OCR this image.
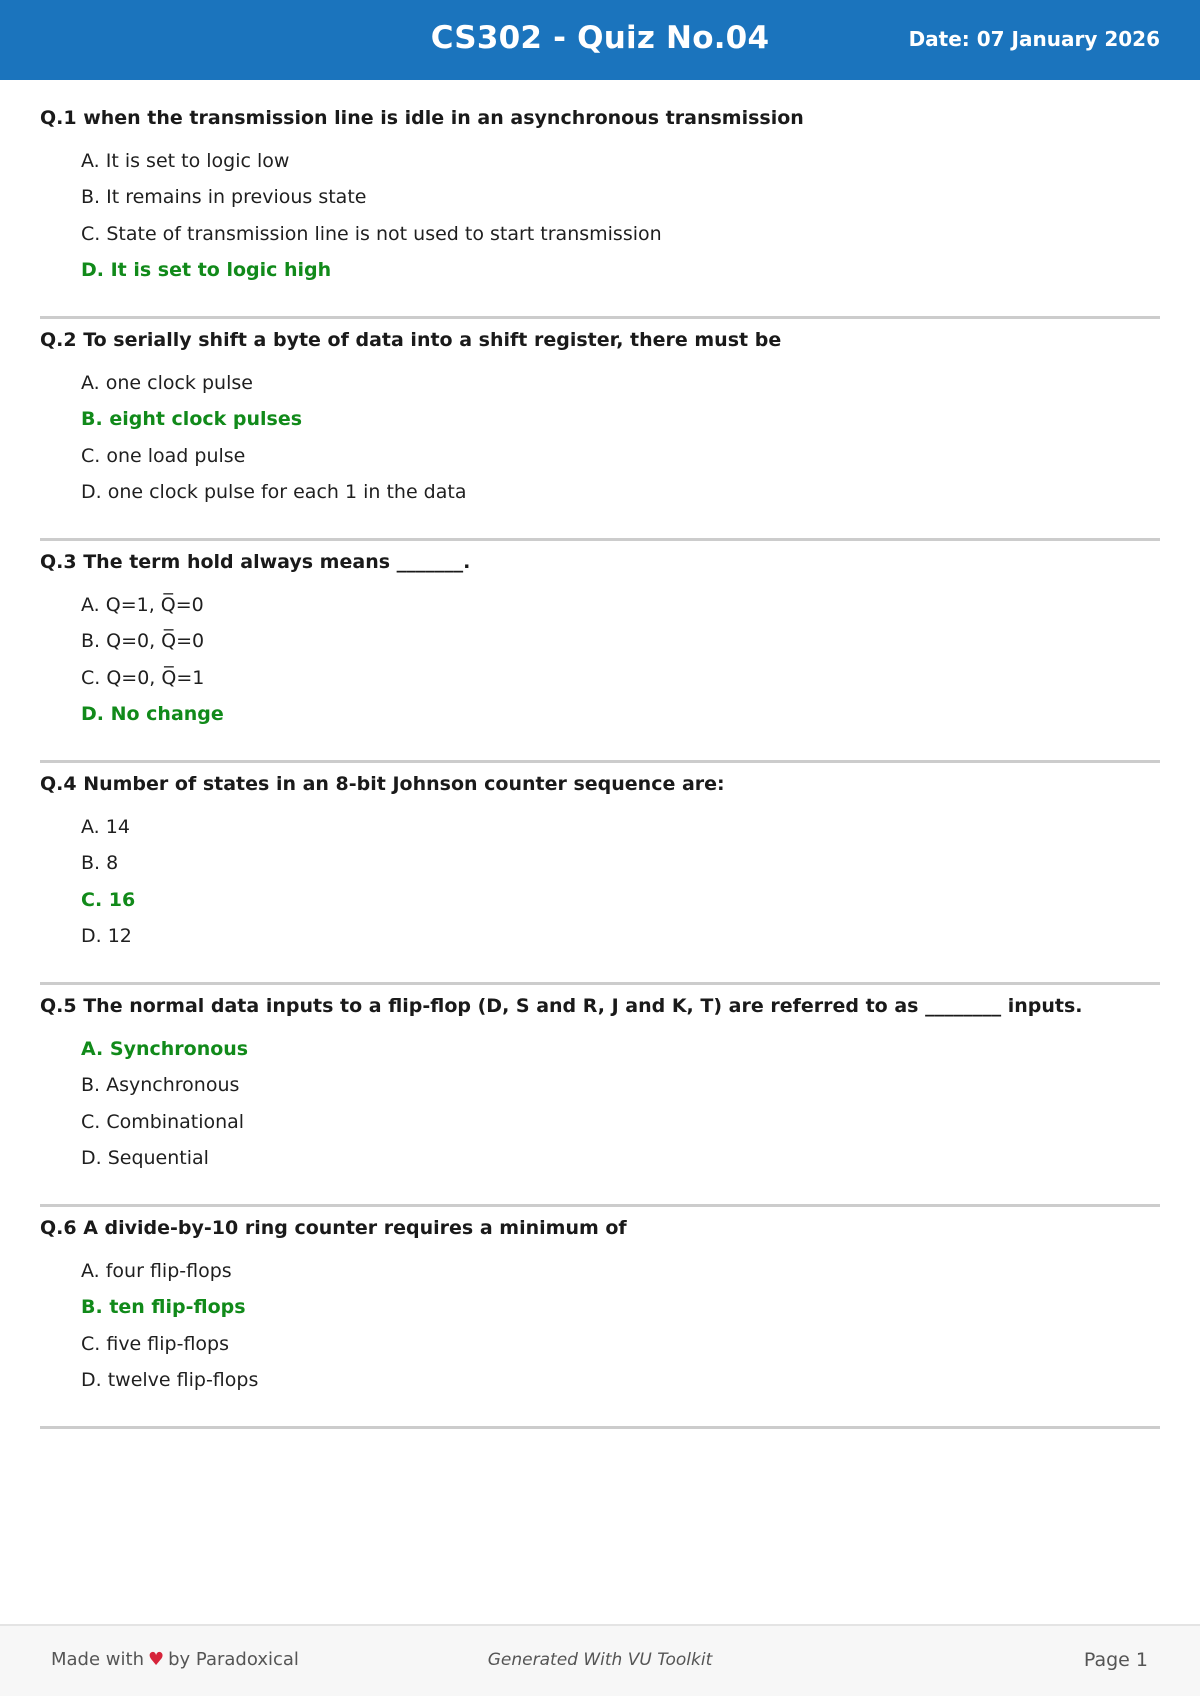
CS302 - Quiz No.04	Date: 07 January 2026
Q.1 when the transmission line is idle in an asynchronous transmission
A. It is set to logic low
B. It remains in previous state
C. State of transmission line is not used to start transmission
D. It is set to logic high
Q.2 To serially shift a byte of data into a shift register, there must be
A. one clock pulse
B. eight clock pulses
C. one load pulse
D. one clock pulse for each 1 in the data
Q.3 The term hold always means _______.
A. Q=1, Q̅=0
B. Q=0, Q̅=0
C. Q=0, Q̅=1
D. No change
Q.4 Number of states in an 8-bit Johnson counter sequence are:
A. 14
B. 8
C. 16
D. 12
Q.5 The normal data inputs to a flip-flop (D, S and R, J and K, T) are referred to as ________ inputs.
A. Synchronous
B. Asynchronous
C. Combinational
D. Sequential
Q.6 A divide-by-10 ring counter requires a minimum of
A. four flip-flops
B. ten flip-flops
C. five flip-flops
D. twelve flip-flops
Made with ♥ by Paradoxical	Generated With VU Toolkit	Page 1
